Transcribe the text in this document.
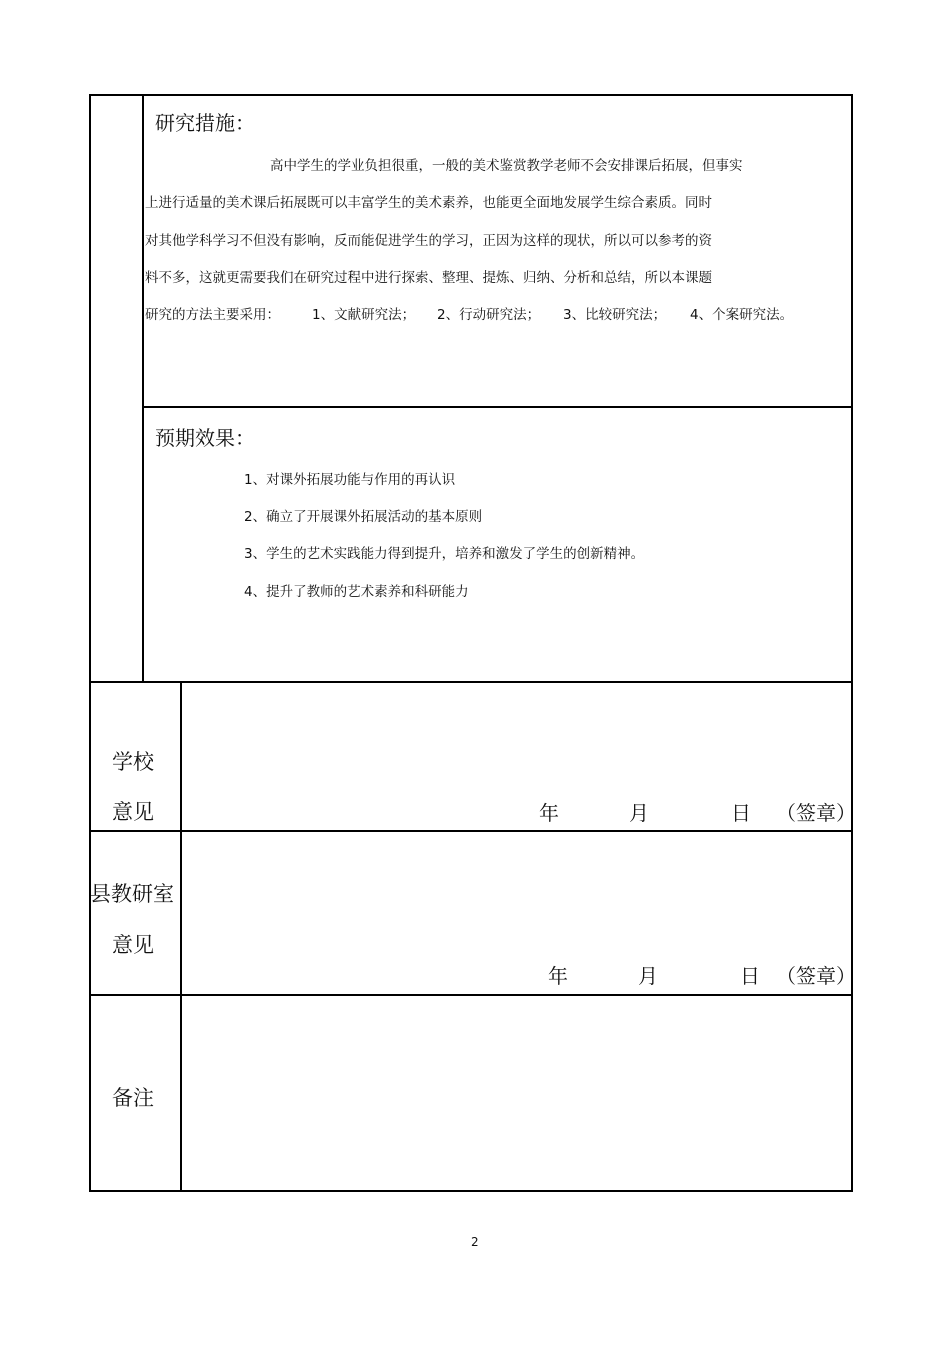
研究措施：
高中学生的学业负担很重，一般的美术鉴赏教学老师不会安排课后拓展，但事实
上进行适量的美术课后拓展既可以丰富学生的美术素养，也能更全面地发展学生综合素质。同时
对其他学科学习不但没有影响，反而能促进学生的学习，正因为这样的现状，所以可以参考的资
料不多，这就更需要我们在研究过程中进行探索、整理、提炼、归纳、分析和总结，所以本课题
研究的方法主要采用： 1、文献研究法； 2、行动研究法； 3、比较研究法； 4、个案研究法。
预期效果：
1、对课外拓展功能与作用的再认识
2、确立了开展课外拓展活动的基本原则
3、学生的艺术实践能力得到提升，培养和激发了学生的创新精神。
4、提升了教师的艺术素养和科研能力
学校
意见	年	月	日 （签章）
县教研室
意见
年	月	日 （签章）
备注
2
